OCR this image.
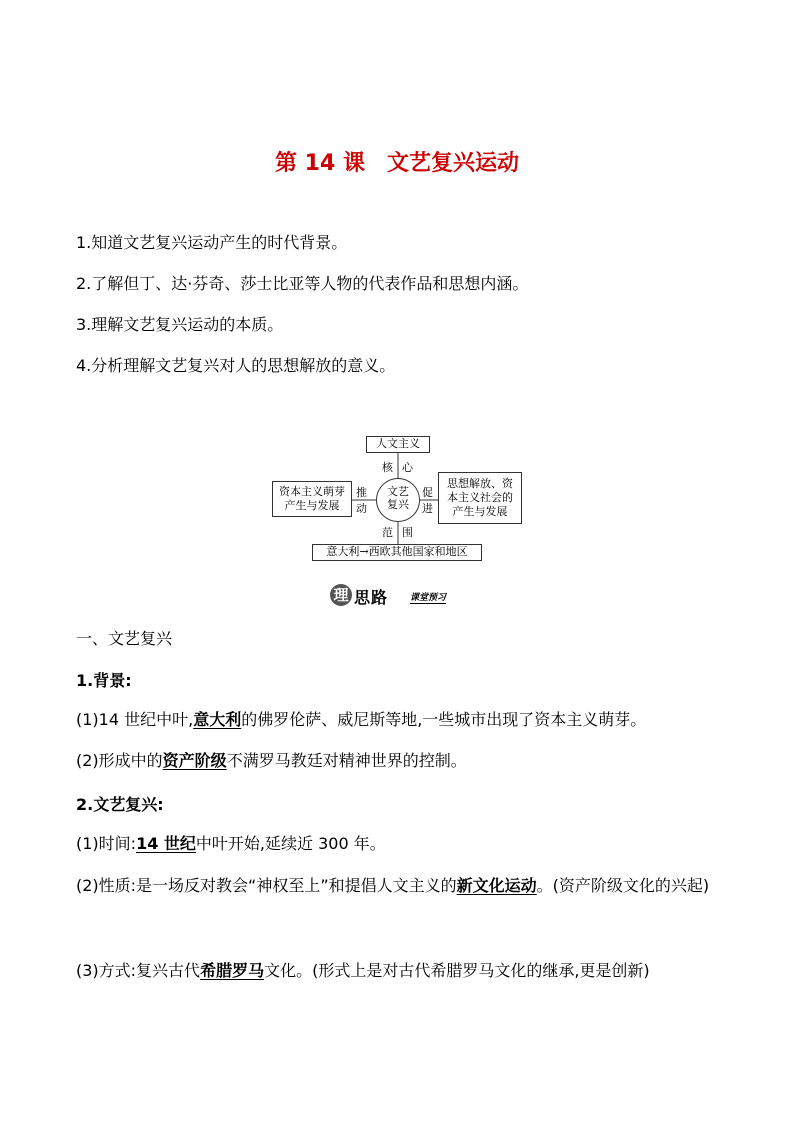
第 14 课 文艺复兴运动
1.知道文艺复兴运动产生的时代背景。
2.了解但丁、达·芬奇、莎士比亚等人物的代表作品和思想内涵。
3.理解文艺复兴运动的本质。
4.分析理解文艺复兴对人的思想解放的意义。
人文主义
核 心
资本主义萌芽
产生与发展
推
动
文艺
复兴
促
进
思想解放、资
本主义社会的
产生与发展
范 围
意大利→西欧其他国家和地区
理 思路 课堂预习
一、文艺复兴
1.背景:
(1)14 世纪中叶,意大利的佛罗伦萨、威尼斯等地,一些城市出现了资本主义萌芽。
(2)形成中的资产阶级不满罗马教廷对精神世界的控制。
2.文艺复兴:
(1)时间:14 世纪中叶开始,延续近 300 年。
(2)性质:是一场反对教会“神权至上”和提倡人文主义的新文化运动。(资产阶级文化的兴起)
(3)方式:复兴古代希腊罗马文化。(形式上是对古代希腊罗马文化的继承,更是创新)
